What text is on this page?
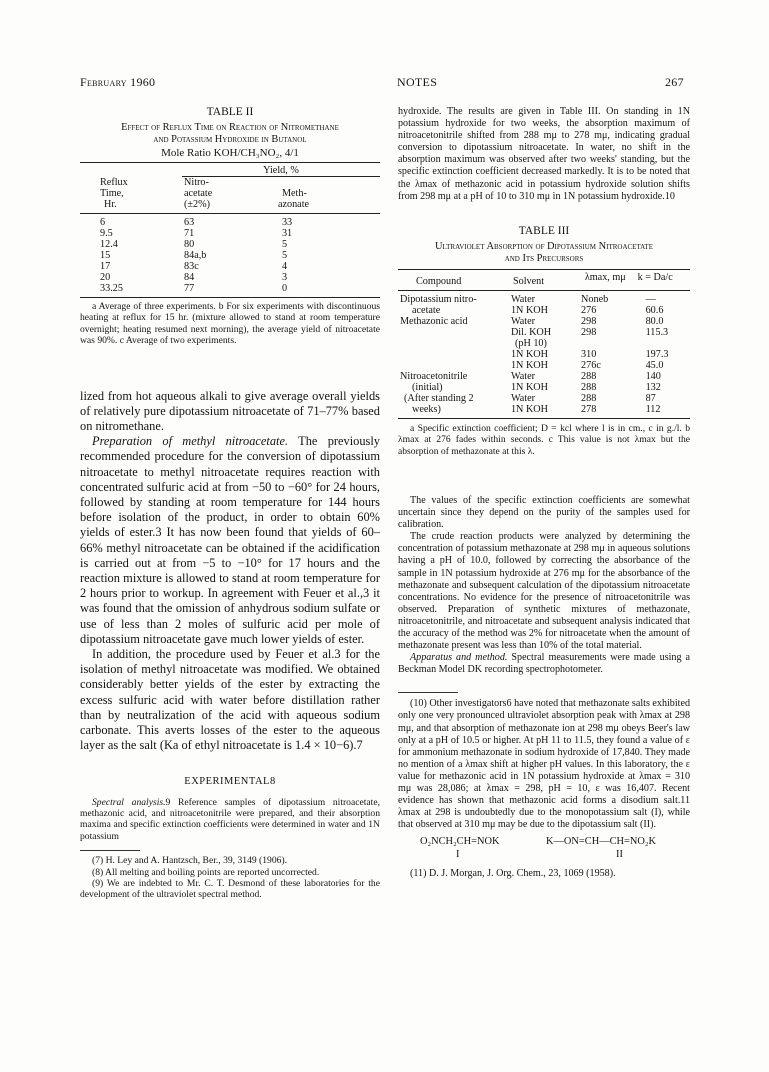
February 1960	NOTES	267
TABLE II
Effect of Reflux Time on Reaction of Nitromethane
and Potassium Hydroxide in Butanol
Mole Ratio KOH/CH₃NO₂, 4/1
	Yield, %	
Reflux	Nitro-	
Time,	acetate	Meth-
Hr.	(±2%)	azonate
6	63	33
9.5	71	31
12.4	80	5
15	84a,b	5
17	83c	4
20	84	3
33.25	77	0

a Average of three experiments. b For six experiments with discontinuous heating at reflux for 15 hr. (mixture allowed to stand at room temperature overnight; heating resumed next morning), the average yield of nitroacetate was 90%. c Average of two experiments.

lized from hot aqueous alkali to give average overall yields of relatively pure dipotassium nitroacetate of 71–77% based on nitromethane.

Preparation of methyl nitroacetate. The previously recommended procedure for the conversion of dipotassium nitroacetate to methyl nitroacetate requires reaction with concentrated sulfuric acid at from −50 to −60° for 24 hours, followed by standing at room temperature for 144 hours before isolation of the product, in order to obtain 60% yields of ester.3 It has now been found that yields of 60–66% methyl nitroacetate can be obtained if the acidification is carried out at from −5 to −10° for 17 hours and the reaction mixture is allowed to stand at room temperature for 2 hours prior to workup. In agreement with Feuer et al.,3 it was found that the omission of anhydrous sodium sulfate or use of less than 2 moles of sulfuric acid per mole of dipotassium nitroacetate gave much lower yields of ester.

In addition, the procedure used by Feuer et al.3 for the isolation of methyl nitroacetate was modified. We obtained considerably better yields of the ester by extracting the excess sulfuric acid with water before distillation rather than by neutralization of the acid with aqueous sodium carbonate. This averts losses of the ester to the aqueous layer as the salt (Ka of ethyl nitroacetate is 1.4 × 10−6).7

EXPERIMENTAL8

Spectral analysis.9 Reference samples of dipotassium nitroacetate, methazonic acid, and nitroacetonitrile were prepared, and their absorption maxima and specific extinction coefficients were determined in water and 1N potassium

(7) H. Ley and A. Hantzsch, Ber., 39, 3149 (1906).

(8) All melting and boiling points are reported uncorrected.

(9) We are indebted to Mr. C. T. Desmond of these laboratories for the development of the ultraviolet spectral method.

hydroxide. The results are given in Table III. On standing in 1N potassium hydroxide for two weeks, the absorption maximum of nitroacetonitrile shifted from 288 mμ to 278 mμ, indicating gradual conversion to dipotassium nitroacetate. In water, no shift in the absorption maximum was observed after two weeks' standing, but the specific extinction coefficient decreased markedly. It is to be noted that the λmax of methazonic acid in potassium hydroxide solution shifts from 298 mμ at a pH of 10 to 310 mμ in 1N potassium hydroxide.10

TABLE III
Ultraviolet Absorption of Dipotassium Nitroacetate
and Its Precursors
Compound	Solvent	λmax, mμ	k = Da/c
Dipotassium nitro-	Water	Noneb	—
acetate	1N KOH	276	60.6
Methazonic acid	Water	298	80.0
	Dil. KOH	298	115.3
	(pH 10)		
	1N KOH	310	197.3
	1N KOH	276c	45.0
Nitroacetonitrile	Water	288	140
(initial)	1N KOH	288	132
(After standing 2	Water	288	87
weeks)	1N KOH	278	112

a Specific extinction coefficient; D = kcl where l is in cm., c in g./l. b λmax at 276 fades within seconds. c This value is not λmax but the absorption of methazonate at this λ.

The values of the specific extinction coefficients are somewhat uncertain since they depend on the purity of the samples used for calibration.

The crude reaction products were analyzed by determining the concentration of potassium methazonate at 298 mμ in aqueous solutions having a pH of 10.0, followed by correcting the absorbance of the sample in 1N potassium hydroxide at 276 mμ for the absorbance of the methazonate and subsequent calculation of the dipotassium nitroacetate concentrations. No evidence for the presence of nitroacetonitrile was observed. Preparation of synthetic mixtures of methazonate, nitroacetonitrile, and nitroacetate and subsequent analysis indicated that the accuracy of the method was 2% for nitroacetate when the amount of methazonate present was less than 10% of the total material.

Apparatus and method. Spectral measurements were made using a Beckman Model DK recording spectrophotometer.

(10) Other investigators6 have noted that methazonate salts exhibited only one very pronounced ultraviolet absorption peak with λmax at 298 mμ, and that absorption of methazonate ion at 298 mμ obeys Beer's law only at a pH of 10.5 or higher. At pH 11 to 11.5, they found a value of ε for ammonium methazonate in sodium hydroxide of 17,840. They made no mention of a λmax shift at higher pH values. In this laboratory, the ε value for methazonic acid in 1N potassium hydroxide at λmax = 310 mμ was 28,086; at λmax = 298, pH = 10, ε was 16,407. Recent evidence has shown that methazonic acid forms a disodium salt.11 λmax at 298 is undoubtedly due to the monopotassium salt (I), while that observed at 310 mμ may be due to the dipotassium salt (II).

O₂NCH₂CH=NOK	K—ON=CH—CH=NO₂K
I	II

(11) D. J. Morgan, J. Org. Chem., 23, 1069 (1958).
